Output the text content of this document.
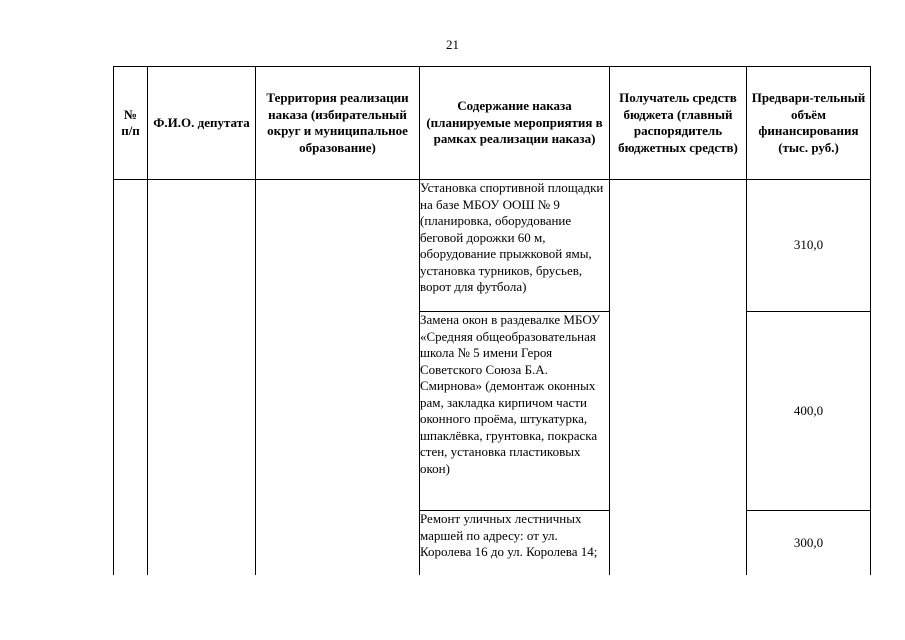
21
№ п/п	Ф.И.О. депутата	Территория реализации наказа (избирательный округ и муниципальное образование)	Содержание наказа (планируемые мероприятия в рамках реализации наказа)	Получатель средств бюджета (главный распорядитель бюджетных средств)	Предвари-тельный объём финансирования (тыс. руб.)
			Установка спортивной площадки на базе МБОУ ООШ № 9 (планировка, оборудование беговой дорожки 60 м, оборудование прыжковой ямы, установка турников, брусьев, ворот для футбола)		310,0
			Замена окон в раздевалке МБОУ «Средняя общеобразовательная школа № 5 имени Героя Советского Союза Б.А. Смирнова» (демонтаж оконных рам, закладка кирпичом части оконного проёма, штукатурка, шпаклёвка, грунтовка, покраска стен, установка пластиковых окон)		400,0
			Ремонт уличных лестничных маршей по адресу: от ул. Королева 16 до ул. Королева 14;		300,0
